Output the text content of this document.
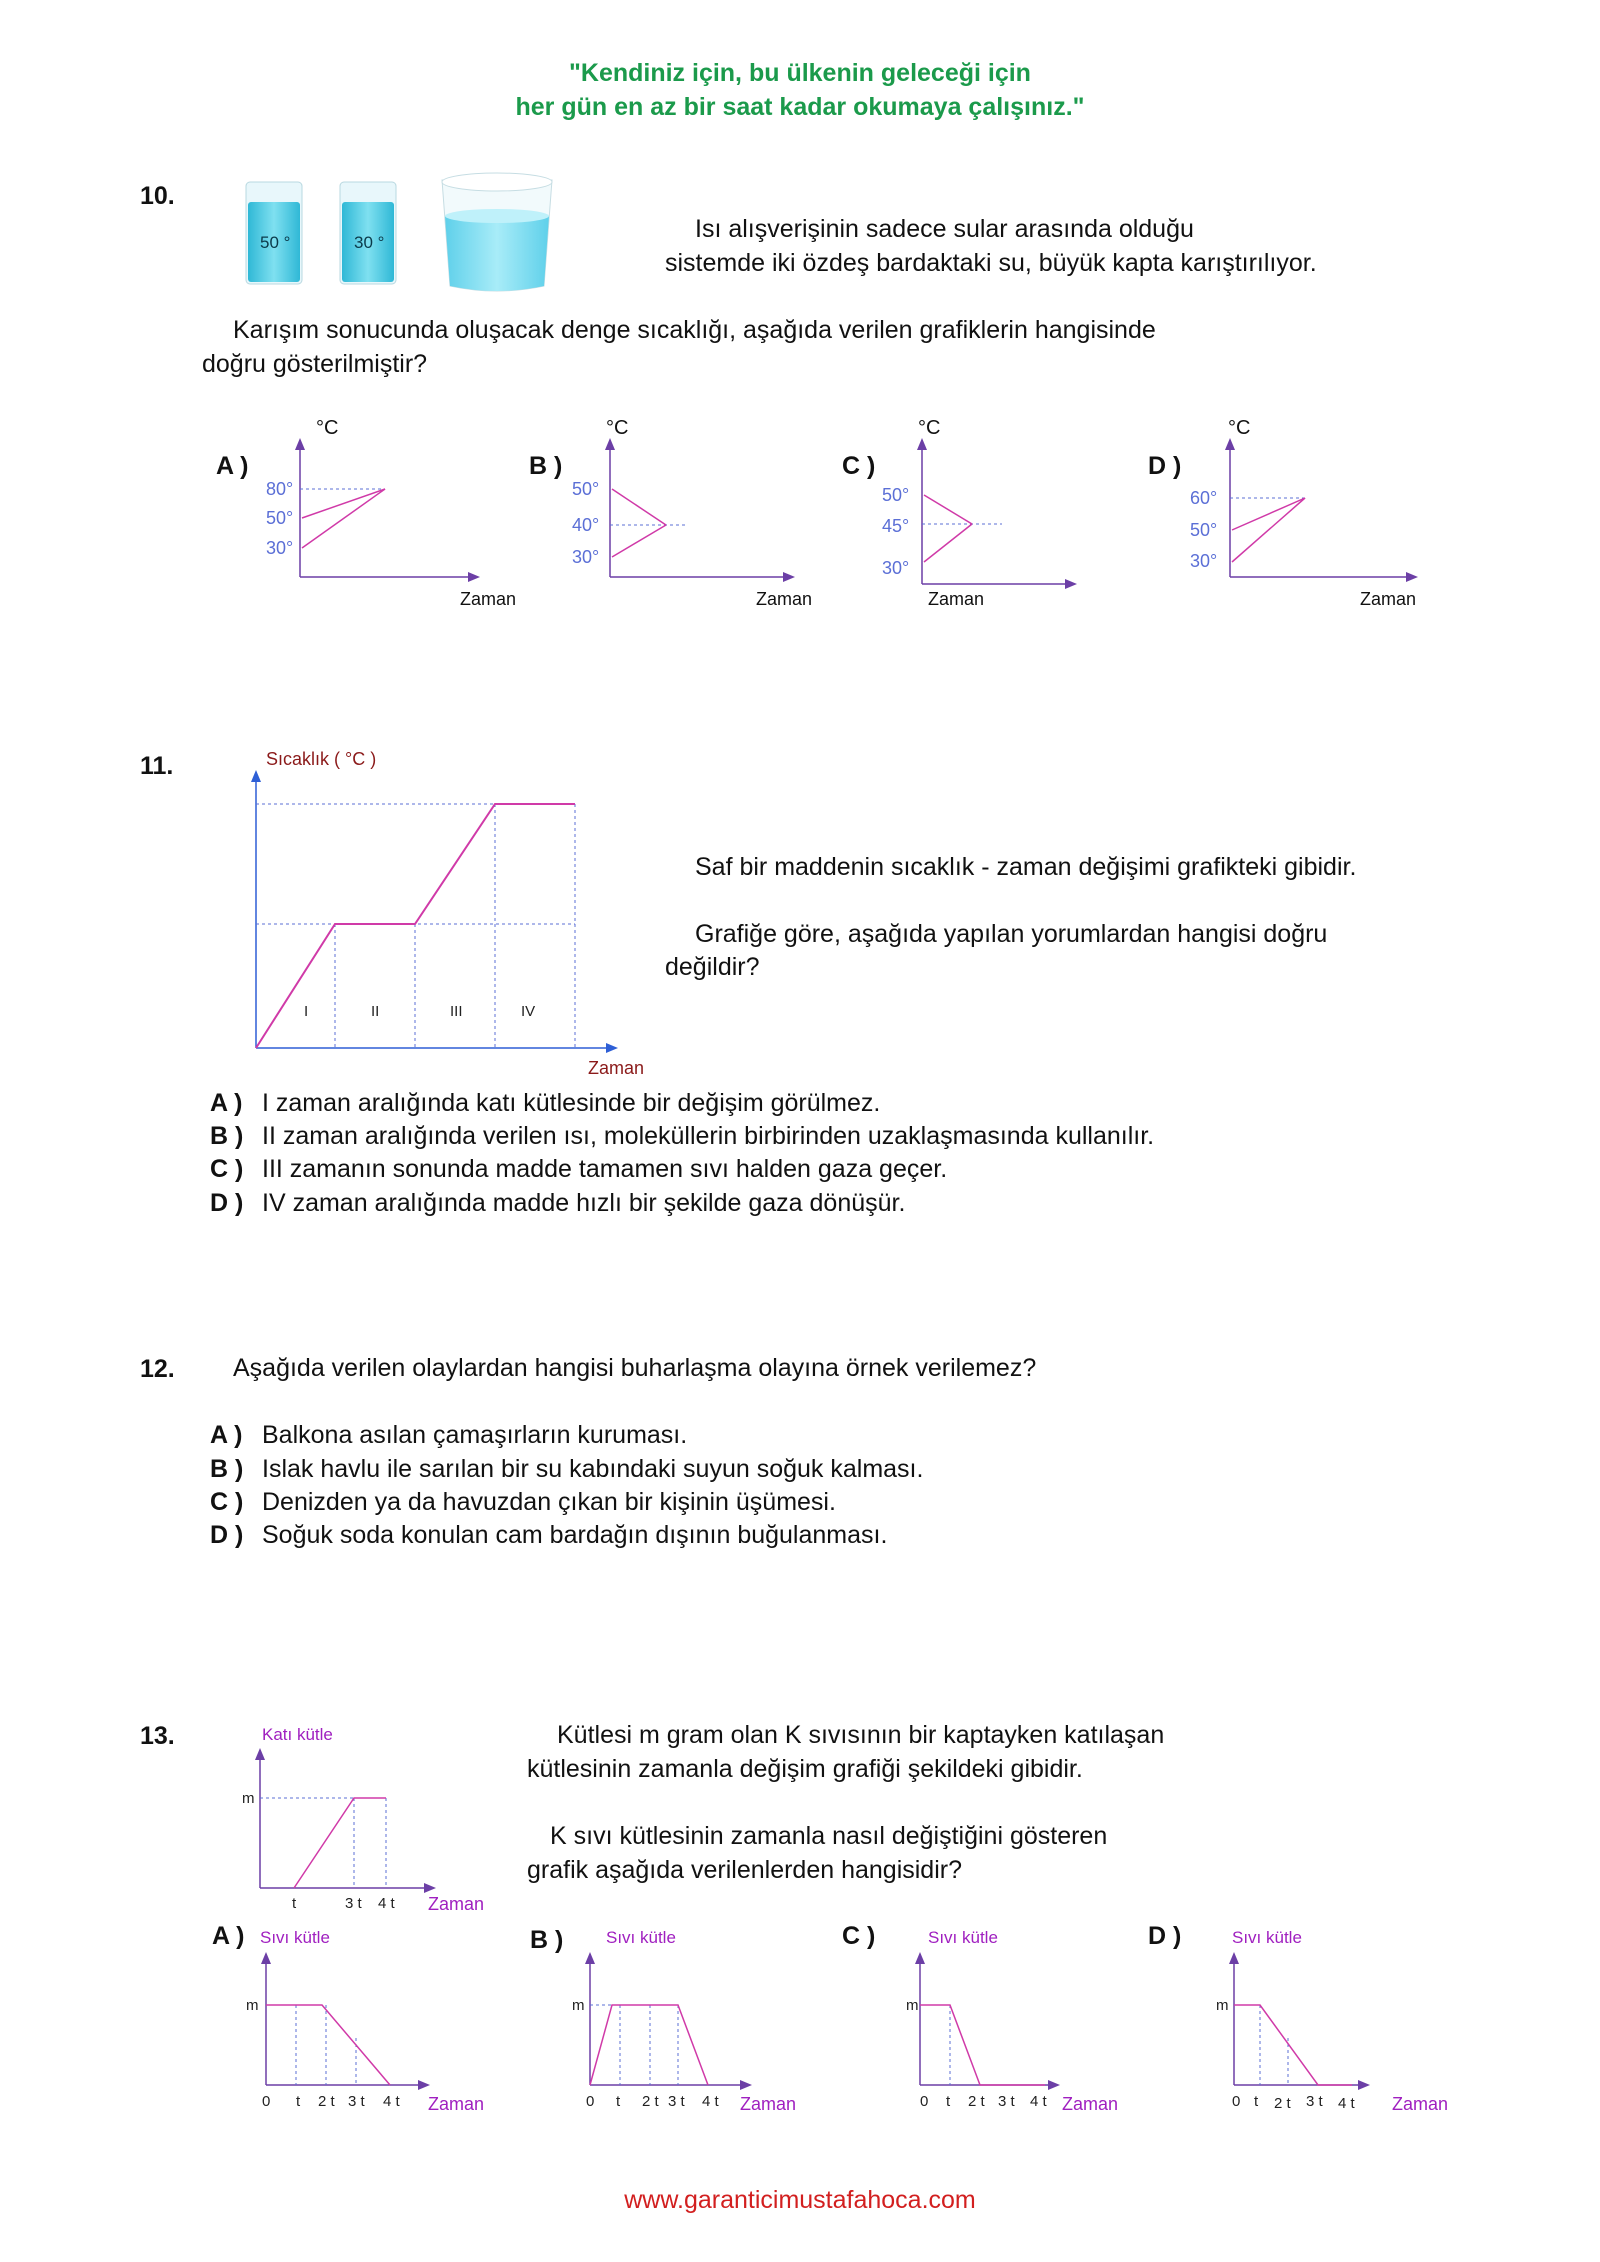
"Kendiniz için, bu ülkenin geleceği için
her gün en az bir saat kadar okumaya çalışınız."
10.
50 °	30 °	Isı alışverişinin sadece sular arasında olduğu
sistemde iki özdeş bardaktaki su, büyük kapta karıştırılıyor.
Karışım sonucunda oluşacak denge sıcaklığı, aşağıda verilen grafiklerin hangisinde
doğru gösterilmiştir?
A )
°C
80°
50°
30°
Zaman
B )
°C
50°
40°
30°
Zaman
C )
°C
50°
45°
30°
Zaman
D )
°C
60°
50°
30°
Zaman
11.	Sıcaklık ( °C )
I	II	III	IV
Zaman
Saf bir maddenin sıcaklık - zaman değişimi grafikteki gibidir.
Grafiğe göre, aşağıda yapılan yorumlardan hangisi doğru
değildir?
A ) I zaman aralığında katı kütlesinde bir değişim görülmez.
B ) II zaman aralığında verilen ısı, moleküllerin birbirinden uzaklaşmasında kullanılır.
C ) III zamanın sonunda madde tamamen sıvı halden gaza geçer.
D ) IV zaman aralığında madde hızlı bir şekilde gaza dönüşür.
12. Aşağıda verilen olaylardan hangisi buharlaşma olayına örnek verilemez?
A ) Balkona asılan çamaşırların kuruması.
B ) Islak havlu ile sarılan bir su kabındaki suyun soğuk kalması.
C ) Denizden ya da havuzdan çıkan bir kişinin üşümesi.
D ) Soğuk soda konulan cam bardağın dışının buğulanması.
13.	Katı kütle
m
t	3 t 4 t Zaman
Kütlesi m gram olan K sıvısının bir kaptayken katılaşan
kütlesinin zamanla değişim grafiği şekildeki gibidir.
K sıvı kütlesinin zamanla nasıl değiştiğini gösteren
grafik aşağıda verilenlerden hangisidir?
A ) Sıvı kütle
m
0 t 2 t 3 t 4 t Zaman
B )	Sıvı kütle
m
0 t 2 t 3 t 4 t Zaman
C )	Sıvı kütle
m
0 t 2 t 3 t 4 t Zaman
D )	Sıvı kütle
m
0 t 2 t 3 t 4 t Zaman
www.garanticimustafahoca.com
